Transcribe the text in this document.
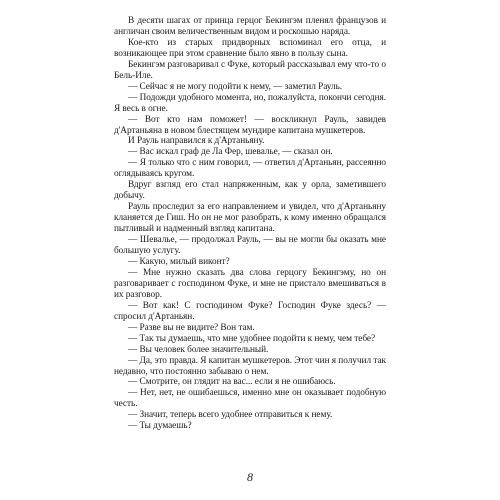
В десяти шагах от принца герцог Бекингэм пленял французов и англичан своим величественным видом и роскошью наряда.

Кое-кто из старых придворных вспоминал его отца, и возникающее при этом сравнение было явно в пользу сына.

Бекингэм разговаривал с Фуке, который рассказывал ему что-то о Бель-Иле.

— Сейчас я не могу подойти к нему, — заметил Рауль.

— Подожди удобного момента, но, пожалуйста, покончи сегодня. Я весь в огне.

— Вот кто нам поможет! — воскликнул Рауль, завидев д'Артаньяна в новом блестящем мундире капитана мушкетеров.

И Рауль направился к д'Артаньяну.

— Вас искал граф де Ла Фер, шевалье, — сказал он.

— Я только что с ним говорил, — ответил д'Артаньян, рассеянно оглядываясь кругом.

Вдруг взгляд его стал напряженным, как у орла, заметившего добычу.

Рауль проследил за его направлением и увидел, что д'Артаньяну кланяется де Гиш. Но он не мог разобрать, к кому именно обращался пытливый и надменный взгляд капитана.

— Шевалье, — продолжал Рауль, — вы не могли бы оказать мне большую услугу.

— Какую, милый виконт?

— Мне нужно сказать два слова герцогу Бекингэму, но он разговаривает с господином Фуке, и мне не пристало вмешиваться в их разговор.

— Вот как! С господином Фуке? Господин Фуке здесь? — спросил д'Артаньян.

— Разве вы не видите? Вон там.

— Так ты думаешь, что мне удобнее подойти к нему, чем тебе?

— Вы человек более значительный.

— Да, это правда. Я капитан мушкетеров. Этот чин я получил так недавно, что постоянно забываю о нем.

— Смотрите, он глядит на вас... если я не ошибаюсь.

— Нет, нет, не ошибаешься, именно мне он оказывает подобную честь.

— Значит, теперь всего удобнее отправиться к нему.

— Ты думаешь?

8
